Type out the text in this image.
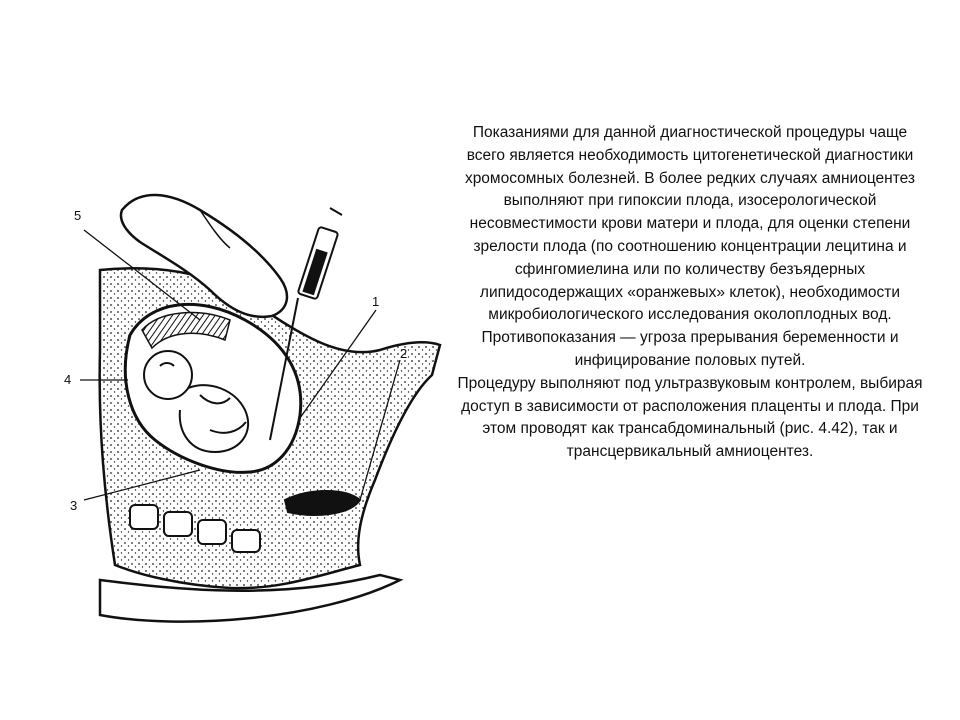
5
1
2
4
3

Показаниями для данной диагностической процедуры чаще всего является необходимость цитогенетической диагностики хромосомных болезней. В более редких случаях амниоцентез выполняют при гипоксии плода, изосерологической несовместимости крови матери и плода, для оценки степени зрелости плода (по соотношению концентрации лецитина и сфингомиелина или по количеству безъядерных липидосодержащих «оранжевых» клеток), необходимости микробиологического исследования околоплодных вод.

Противопоказания — угроза прерывания беременности и инфицирование половых путей.

Процедуру выполняют под ультразвуковым контролем, выбирая доступ в зависимости от расположения плаценты и плода. При этом проводят как трансабдоминальный (рис. 4.42), так и трансцервикальный амниоцентез.
